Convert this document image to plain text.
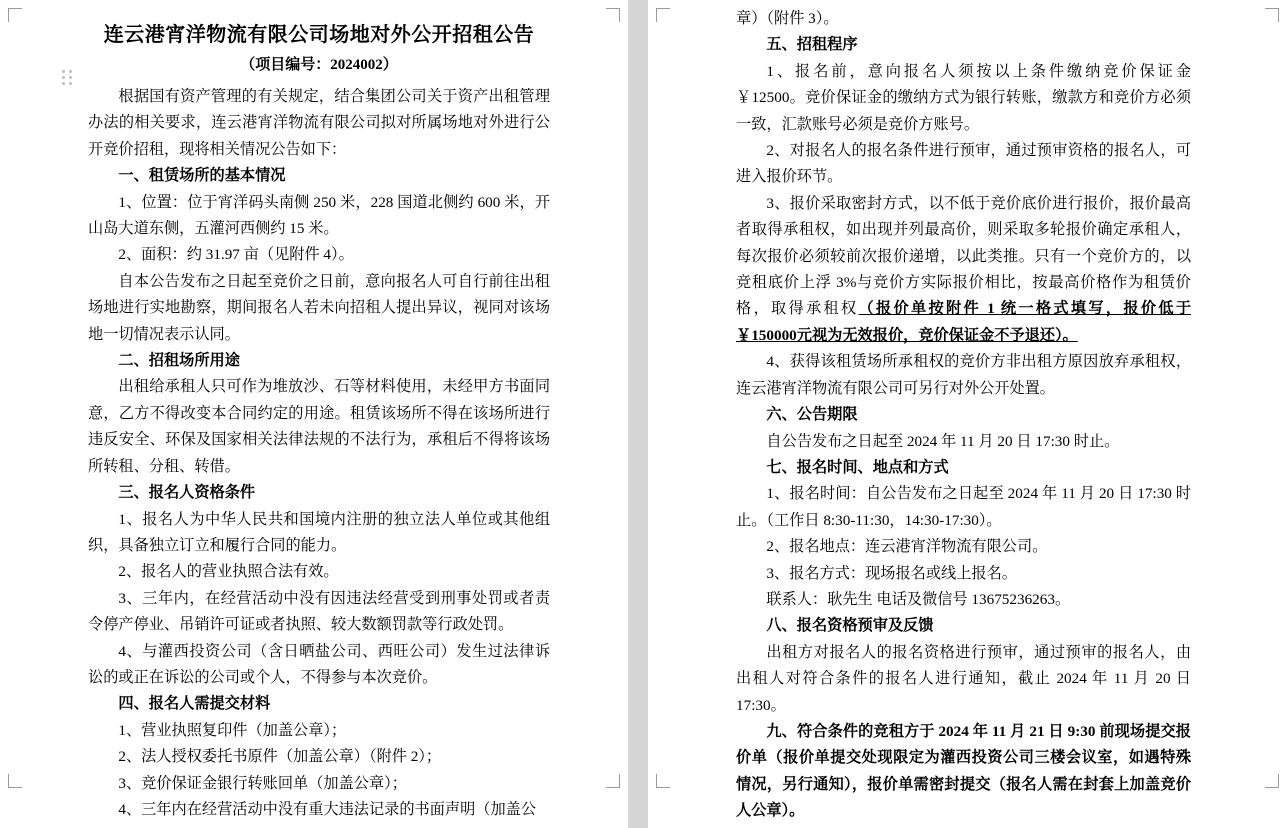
连云港宵洋物流有限公司场地对外公开招租公告
（项目编号：2024002）

根据国有资产管理的有关规定，结合集团公司关于资产出租管理办法的相关要求，连云港宵洋物流有限公司拟对所属场地对外进行公开竞价招租，现将相关情况公告如下：

一、租赁场所的基本情况

1、位置：位于宵洋码头南侧 250 米，228 国道北侧约 600 米，开山岛大道东侧，五灌河西侧约 15 米。

2、面积：约 31.97 亩（见附件 4）。

自本公告发布之日起至竞价之日前，意向报名人可自行前往出租场地进行实地勘察，期间报名人若未向招租人提出异议，视同对该场地一切情况表示认同。

二、招租场所用途

出租给承租人只可作为堆放沙、石等材料使用，未经甲方书面同意，乙方不得改变本合同约定的用途。租赁该场所不得在该场所进行违反安全、环保及国家相关法律法规的不法行为，承租后不得将该场所转租、分租、转借。

三、报名人资格条件

1、报名人为中华人民共和国境内注册的独立法人单位或其他组织，具备独立订立和履行合同的能力。

2、报名人的营业执照合法有效。

3、三年内，在经营活动中没有因违法经营受到刑事处罚或者责令停产停业、吊销许可证或者执照、较大数额罚款等行政处罚。

4、与灌西投资公司（含日晒盐公司、西旺公司）发生过法律诉讼的或正在诉讼的公司或个人，不得参与本次竞价。

四、报名人需提交材料

1、营业执照复印件（加盖公章）；

2、法人授权委托书原件（加盖公章）（附件 2）；

3、竞价保证金银行转账回单（加盖公章）；

4、三年内在经营活动中没有重大违法记录的书面声明（加盖公

章）（附件 3）。

五、招租程序

1、报名前，意向报名人须按以上条件缴纳竞价保证金￥12500。竞价保证金的缴纳方式为银行转账，缴款方和竞价方必须一致，汇款账号必须是竞价方账号。

2、对报名人的报名条件进行预审，通过预审资格的报名人，可进入报价环节。

3、报价采取密封方式，以不低于竞价底价进行报价，报价最高者取得承租权，如出现并列最高价，则采取多轮报价确定承租人，每次报价必须较前次报价递增，以此类推。只有一个竞价方的，以竞租底价上浮 3%与竞价方实际报价相比，按最高价格作为租赁价格，取得承租权（报价单按附件 1 统一格式填写，报价低于￥150000元视为无效报价，竞价保证金不予退还）。

4、获得该租赁场所承租权的竞价方非出租方原因放弃承租权，连云港宵洋物流有限公司可另行对外公开处置。

六、公告期限

自公告发布之日起至 2024 年 11 月 20 日 17:30 时止。

七、报名时间、地点和方式

1、报名时间：自公告发布之日起至 2024 年 11 月 20 日 17:30 时止。（工作日 8:30-11:30，14:30-17:30）。

2、报名地点：连云港宵洋物流有限公司。

3、报名方式：现场报名或线上报名。

联系人：耿先生 电话及微信号 13675236263。

八、报名资格预审及反馈

出租方对报名人的报名资格进行预审，通过预审的报名人，由出租人对符合条件的报名人进行通知，截止 2024 年 11 月 20 日 17:30。

九、符合条件的竞租方于 2024 年 11 月 21 日 9:30 前现场提交报价单（报价单提交处现限定为灌西投资公司三楼会议室，如遇特殊情况，另行通知），报价单需密封提交（报名人需在封套上加盖竞价人公章）。
